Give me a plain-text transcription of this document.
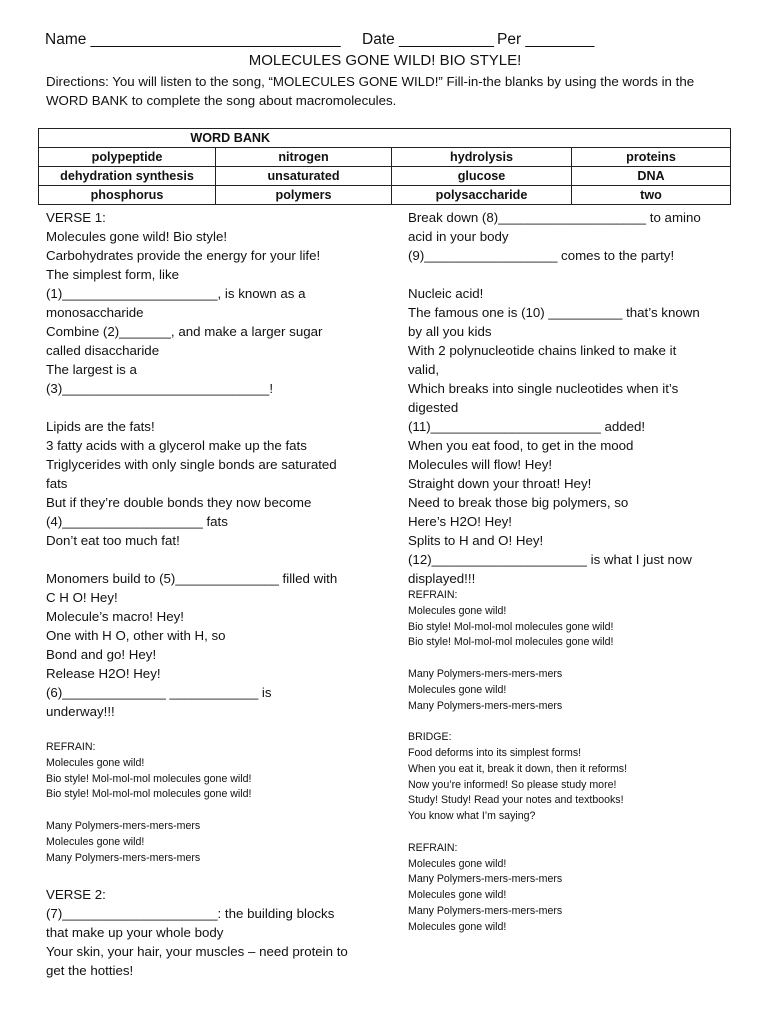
Name _____________________________ Date ___________ Per ________
MOLECULES GONE WILD! BIO STYLE!
Directions: You will listen to the song, “MOLECULES GONE WILD!” Fill-in-the blanks by using the words in the
WORD BANK to complete the song about macromolecules.
WORD BANK			
polypeptide	nitrogen	hydrolysis	proteins
dehydration synthesis	unsaturated	glucose	DNA
phosphorus	polymers	polysaccharide	two
VERSE 1:
Molecules gone wild! Bio style!
Carbohydrates provide the energy for your life!
The simplest form, like
(1)_____________________, is known as a
monosaccharide
Combine (2)_______, and make a larger sugar
called disaccharide
The largest is a
(3)____________________________!
Lipids are the fats!
3 fatty acids with a glycerol make up the fats
Triglycerides with only single bonds are saturated
fats
But if they’re double bonds they now become
(4)___________________ fats
Don’t eat too much fat!
Monomers build to (5)______________ filled with
C H O! Hey!
Molecule’s macro! Hey!
One with H O, other with H, so
Bond and go! Hey!
Release H2O! Hey!
(6)______________ ____________ is
underway!!!
REFRAIN:
Molecules gone wild!
Bio style! Mol-mol-mol molecules gone wild!
Bio style! Mol-mol-mol molecules gone wild!
Many Polymers-mers-mers-mers
Molecules gone wild!
Many Polymers-mers-mers-mers
VERSE 2:
(7)_____________________: the building blocks
that make up your whole body
Your skin, your hair, your muscles – need protein to
get the hotties!
Break down (8)____________________ to amino
acid in your body
(9)__________________ comes to the party!
Nucleic acid!
The famous one is (10) __________ that’s known
by all you kids
With 2 polynucleotide chains linked to make it
valid,
Which breaks into single nucleotides when it’s
digested
(11)_______________________ added!
When you eat food, to get in the mood
Molecules will flow! Hey!
Straight down your throat! Hey!
Need to break those big polymers, so
Here’s H2O! Hey!
Splits to H and O! Hey!
(12)_____________________ is what I just now
displayed!!!
REFRAIN:
Molecules gone wild!
Bio style! Mol-mol-mol molecules gone wild!
Bio style! Mol-mol-mol molecules gone wild!
Many Polymers-mers-mers-mers
Molecules gone wild!
Many Polymers-mers-mers-mers
BRIDGE:
Food deforms into its simplest forms!
When you eat it, break it down, then it reforms!
Now you’re informed! So please study more!
Study! Study! Read your notes and textbooks!
You know what I’m saying?
REFRAIN:
Molecules gone wild!
Many Polymers-mers-mers-mers
Molecules gone wild!
Many Polymers-mers-mers-mers
Molecules gone wild!
